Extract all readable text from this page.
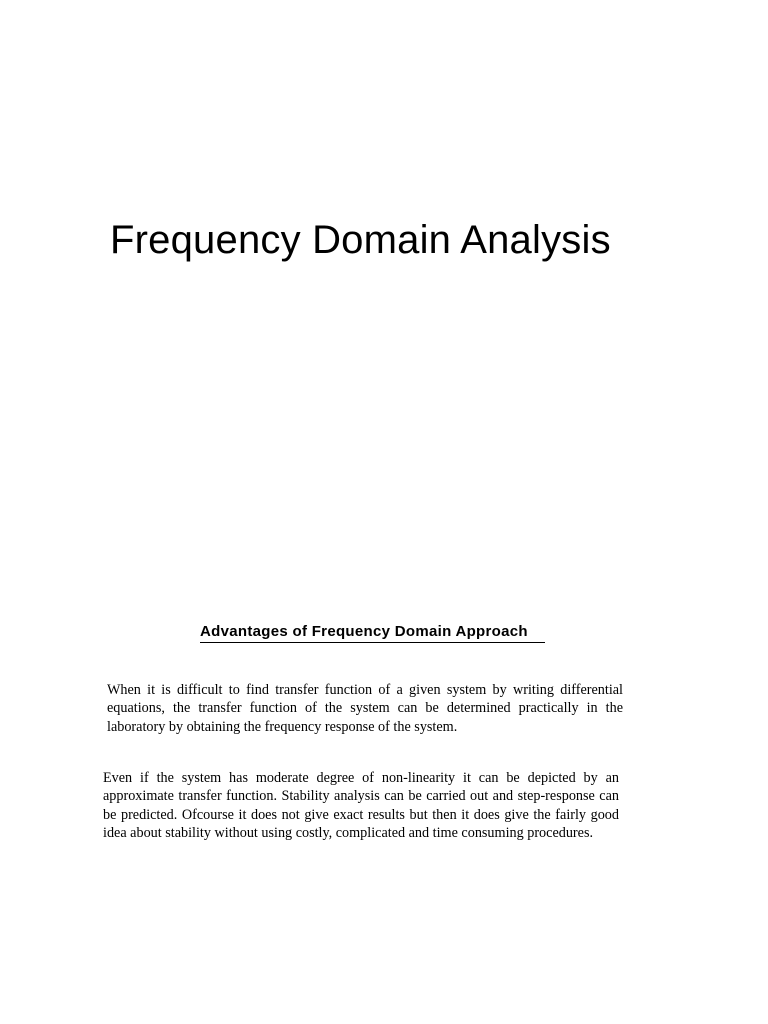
Frequency Domain Analysis
Advantages of Frequency Domain Approach

When it is difficult to find transfer function of a given system by writing differential equations, the transfer function of the system can be determined practically in the laboratory by obtaining the frequency response of the system.

Even if the system has moderate degree of non-linearity it can be depicted by an approximate transfer function. Stability analysis can be carried out and step-response can be predicted. Ofcourse it does not give exact results but then it does give the fairly good idea about stability without using costly, complicated and time consuming procedures.
